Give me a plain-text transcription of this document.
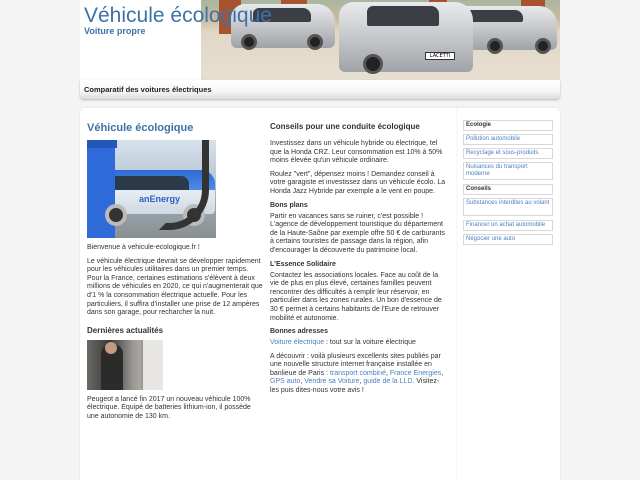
Véhicule écologique
Voiture propre
LACETTI
Comparatif des voitures électriques
Véhicule écologique
anEnergy

Bienvenue à vehicule-ecologique.fr !

Le véhicule électrique devrait se développer rapidement pour les véhicules utilitaires dans un premier temps. Pour la France, certaines estimations s'élèvent à deux millions de véhicules en 2020, ce qui n'augmenterait que d'1 % la consommation électrique actuelle. Pour les particuliers, il suffira d'installer une prise de 12 ampères dans son garage, pour recharcher la nuit.

Dernières actualités

Peugeot a lancé fin 2017 un nouveau véhicule 100% électrique. Equipé de batteries lithium-ion, il possède une autonomie de 130 km.

Conseils pour une conduite écologique

Investissez dans un véhicule hybride ou électrique, tel que la Honda CRZ. Leur consommation est 10% à 50% moins élevée qu'un véhicule ordinaire.

Roulez "vert", dépensez moins ! Demandez conseil à votre garagiste et investissez dans un véhicule écolo. La Honda Jazz Hybride par exemple a le vent en poupe.

Bons plans

Partir en vacances sans se ruiner, c'est possible ! L'agence de développement touristique du département de la Haute-Saône par exemple offre 50 € de carburants à certains touristes de passage dans la région, afin d'encourager la découverte du patrimoine local.

L'Essence Solidaire

Contactez les associations locales. Face au coût de la vie de plus en plus élevé, certaines familles peuvent rencontrer des difficultés à remplir leur réservoir, en particulier dans les zones rurales. Un bon d'essence de 30 € permet à certains habitants de l'Eure de retrouver mobilité et autonomie.

Bonnes adresses

Voiture électrique : tout sur la voiture électrique

A découvrir : voilà plusieurs excellents sites publiés par une nouvelle structure internet française installée en banlieue de Paris : transport combiné, France Energies, GPS auto, Vendre sa Voiture, guide de la LLD. Visitez-les puis dites-nous votre avis !

Ecologie
Pollution automobile
Recyclage et sous-produits
Nuisances du transport moderne
Conseils
Substances interdites au volant
Financer un achat automobile
Négocier une auto
